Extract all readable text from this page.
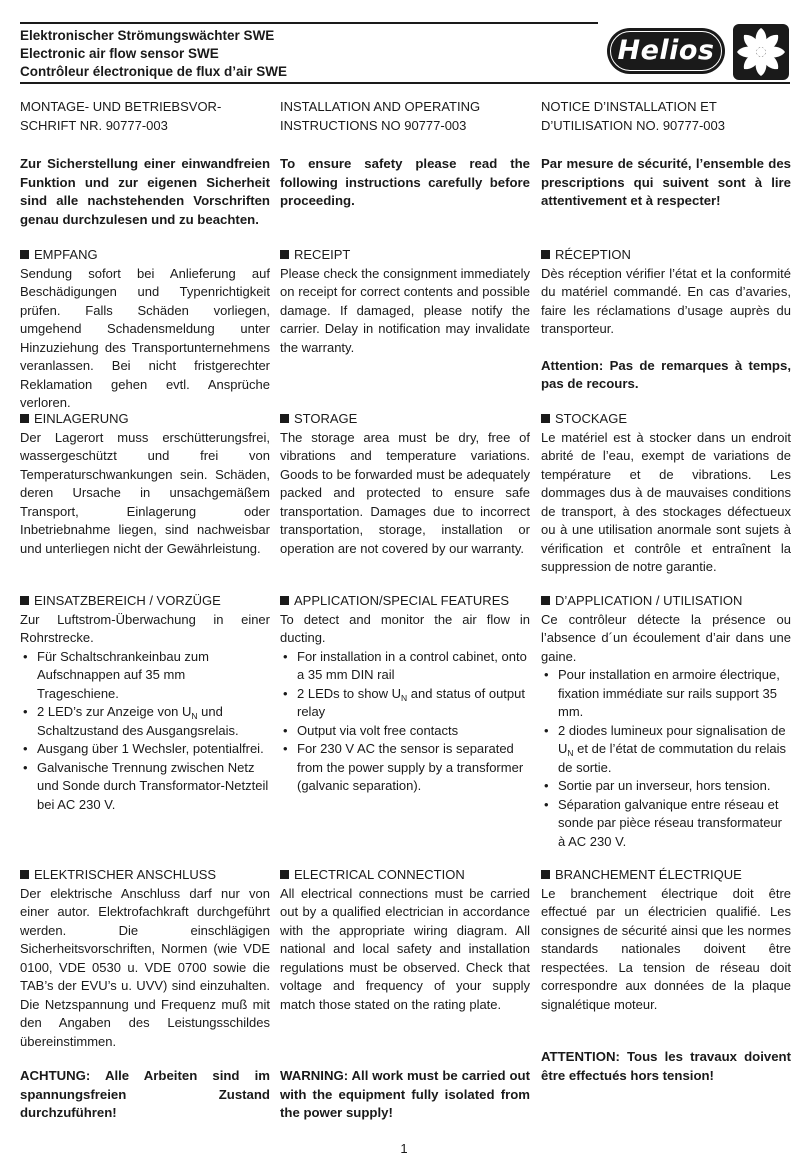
Elektronischer Strömungswächter SWE
Electronic air flow sensor SWE
Contrôleur électronique de flux d’air SWE
Helios
MONTAGE- UND BETRIEBSVOR-
SCHRIFT NR. 90777-003

Zur Sicherstellung einer einwandfreien Funktion und zur eigenen Sicherheit sind alle nachstehenden Vorschriften genau durchzulesen und zu beachten.

EMPFANG

Sendung sofort bei Anlieferung auf Beschädigungen und Typenrichtigkeit prüfen. Falls Schäden vorliegen, umgehend Schadensmeldung unter Hinzuziehung des Transportunternehmens veranlassen. Bei nicht fristgerechter Reklamation gehen evtl. Ansprüche verloren.

EINLAGERUNG

Der Lagerort muss erschütterungsfrei, wassergeschützt und frei von Temperaturschwankungen sein. Schäden, deren Ursache in unsachgemäßem Transport, Einlagerung oder Inbetriebnahme liegen, sind nachweisbar und unterliegen nicht der Gewährleistung.

EINSATZBEREICH / VORZÜGE

Zur Luftstrom-Überwachung in einer Rohrstrecke.

• Für Schaltschrankeinbau zum Aufschnappen auf 35 mm Trageschiene.
• 2 LED’s zur Anzeige von $U_N$ und Schaltzustand des Ausgangsrelais.
• Ausgang über 1 Wechsler, potentialfrei.
• Galvanische Trennung zwischen Netz und Sonde durch Transformator-Netzteil bei AC 230 V.
ELEKTRISCHER ANSCHLUSS

Der elektrische Anschluss darf nur von einer autor. Elektrofachkraft durchgeführt werden. Die einschlägigen Sicherheitsvorschriften, Normen (wie VDE 0100, VDE 0530 u. VDE 0700 sowie die TAB’s der EVU’s u. UVV) sind einzuhalten. Die Netzspannung und Frequenz muß mit den Angaben des Leistungsschildes übereinstimmen.

ACHTUNG: Alle Arbeiten sind im spannungsfreien Zustand durchzuführen!

INSTALLATION AND OPERATING
INSTRUCTIONS NO 90777-003

To ensure safety please read the following instructions carefully before proceeding.

RECEIPT

Please check the consignment immediately on receipt for correct contents and possible damage. If damaged, please notify the carrier. Delay in notification may invalidate the warranty.

STORAGE

The storage area must be dry, free of vibrations and temperature variations. Goods to be forwarded must be adequately packed and protected to ensure safe transportation. Damages due to incorrect transportation, storage, installation or operation are not covered by our warranty.

APPLICATION/SPECIAL FEATURES

To detect and monitor the air flow in ducting.

• For installation in a control cabinet, onto a 35 mm DIN rail
• 2 LEDs to show $U_N$ and status of output relay
• Output via volt free contacts
• For 230 V AC the sensor is separated from the power supply by a transformer (galvanic separation).
ELECTRICAL CONNECTION

All electrical connections must be carried out by a qualified electrician in accordance with the appropriate wiring diagram. All national and local safety and installation regulations must be observed. Check that voltage and frequency of your supply match those stated on the rating plate.

WARNING: All work must be carried out with the equipment fully isolated from the power supply!

NOTICE D’INSTALLATION ET
D’UTILISATION NO. 90777-003

Par mesure de sécurité, l’ensemble des prescriptions qui suivent sont à lire attentivement et à respecter!

RÉCEPTION

Dès réception vérifier l’état et la conformité du matériel commandé. En cas d’avaries, faire les réclamations d’usage auprès du transporteur.

Attention: Pas de remarques à temps, pas de recours.

STOCKAGE

Le matériel est à stocker dans un endroit abrité de l’eau, exempt de variations de température et de vibrations. Les dommages dus à de mauvaises conditions de transport, à des stockages défectueux ou à une utilisation anormale sont sujets à vérification et contrôle et entraînent la suppression de notre garantie.

D’APPLICATION / UTILISATION

Ce contrôleur détecte la présence ou l’absence d´un écoulement d’air dans une gaine.

• Pour installation en armoire électrique, fixation immédiate sur rails support 35 mm.
• 2 diodes lumineux pour signalisation de $U_N$ et de l’état de commutation du relais de sortie.
• Sortie par un inverseur, hors tension.
• Séparation galvanique entre réseau et sonde par pièce réseau transformateur à AC 230 V.
BRANCHEMENT ÉLECTRIQUE

Le branchement électrique doit être effectué par un électricien qualifié. Les consignes de sécurité ainsi que les normes standards nationales doivent être respectées. La tension de réseau doit correspondre aux données de la plaque signalétique moteur.

ATTENTION: Tous les travaux doivent être effectués hors tension!

1
